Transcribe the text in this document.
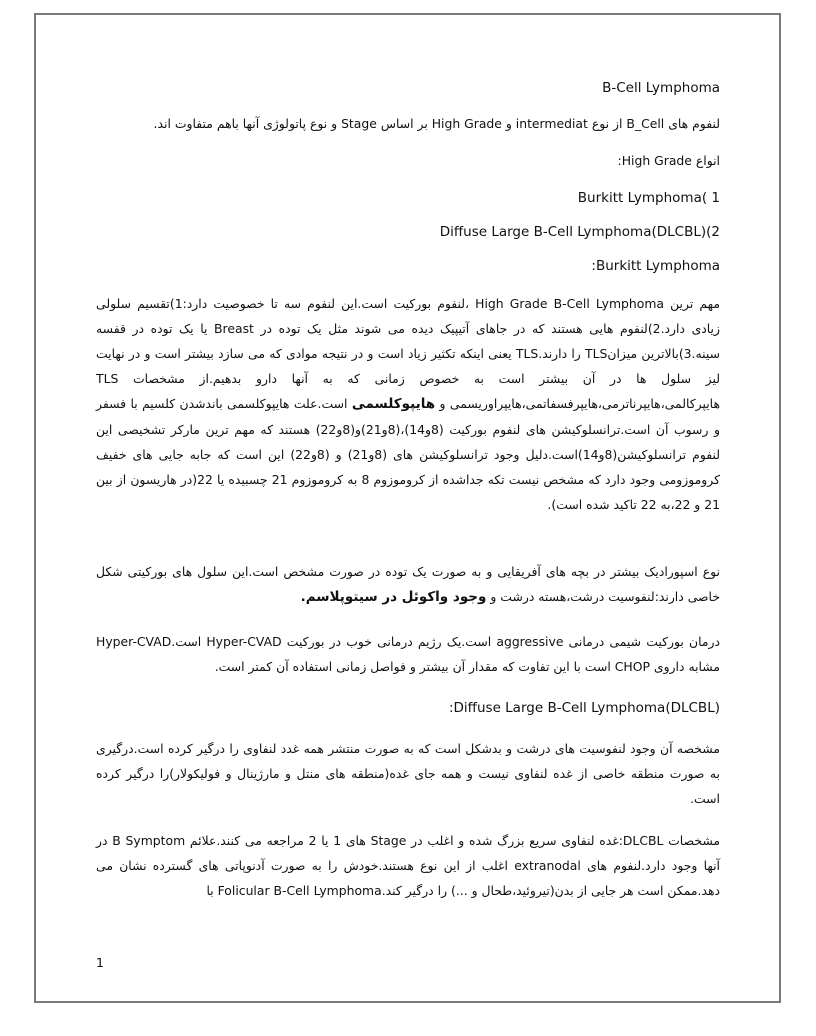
B-Cell Lymphoma
لنفوم های B_Cell از نوع intermediat و High Grade بر اساس Stage و نوع پاتولوژی آنها باهم متفاوت اند.
انواع High Grade:
Burkitt Lymphoma( 1
Diffuse Large B-Cell Lymphoma(DLCBL)(2
Burkitt Lymphoma:
مهم ترین High Grade B-Cell Lymphoma ،لنفوم بورکیت است.این لنفوم سه تا خصوصیت دارد:1)تقسیم سلولی زیادی دارد.2)لنفوم هایی هستند که در جاهای آتیپیک دیده می شوند مثل یک توده در Breast یا یک توده در قفسه سینه.3)بالاترین میزانTLS را دارند.TLS یعنی اینکه تکثیر زیاد است و در نتیجه موادی که می سازد بیشتر است و در نهایت لیز سلول ها در آن بیشتر است به خصوص زمانی که به آنها دارو بدهیم.از مشخصات TLS هایپرکالمی،هایپرناترمی،هایپرفسفاتمی،هایپراوریسمی و هایپوکلسمی است.علت هایپوکلسمی باندشدن کلسیم با فسفر و رسوب آن است.ترانسلوکیشن های لنفوم بورکیت (8و14)،(8و21)و(8و22) هستند که مهم ترین مارکر تشخیصی این لنفوم ترانسلوکیشن(8و14)است.دلیل وجود ترانسلوکیشن های (8و21) و (8و22) این است که جابه جایی های خفیف کروموزومی وجود دارد که مشخص نیست تکه جداشده از کروموزوم 8 به کروموزوم 21 چسبیده یا 22(در هاریسون از بین 21 و 22،به 22 تاکید شده است).
نوع اسپورادیک بیشتر در بچه های آفریقایی و به صورت یک توده در صورت مشخص است.این سلول های بورکیتی شکل خاصی دارند:لنفوسیت درشت،هسته درشت و وجود واکوئل در سیتوپلاسم.
درمان بورکیت شیمی درمانی aggressive است.یک رژیم درمانی خوب در بورکیت Hyper-CVAD است.Hyper-CVAD مشابه داروی CHOP است با این تفاوت که مقدار آن بیشتر و فواصل زمانی استفاده آن کمتر است.
Diffuse Large B-Cell Lymphoma(DLCBL):
مشخصه آن وجود لنفوسیت های درشت و بدشکل است که به صورت منتشر همه غدد لنفاوی را درگیر کرده است.درگیری به صورت منطقه خاصی از غده لنفاوی نیست و همه جای غده(منطقه های منتل و مارژینال و فولیکولار)را درگیر کرده است.
مشخصات DLCBL:غده لنفاوی سریع بزرگ شده و اغلب در Stage های 1 یا 2 مراجعه می کنند.علائم B Symptom در آنها وجود دارد.لنفوم های extranodal اغلب از این نوع هستند.خودش را به صورت آدنوپاتی های گسترده نشان می دهد.ممکن است هر جایی از بدن(تیروئید،طحال و ...) را درگیر کند.Folicular B-Cell Lymphoma با
1
